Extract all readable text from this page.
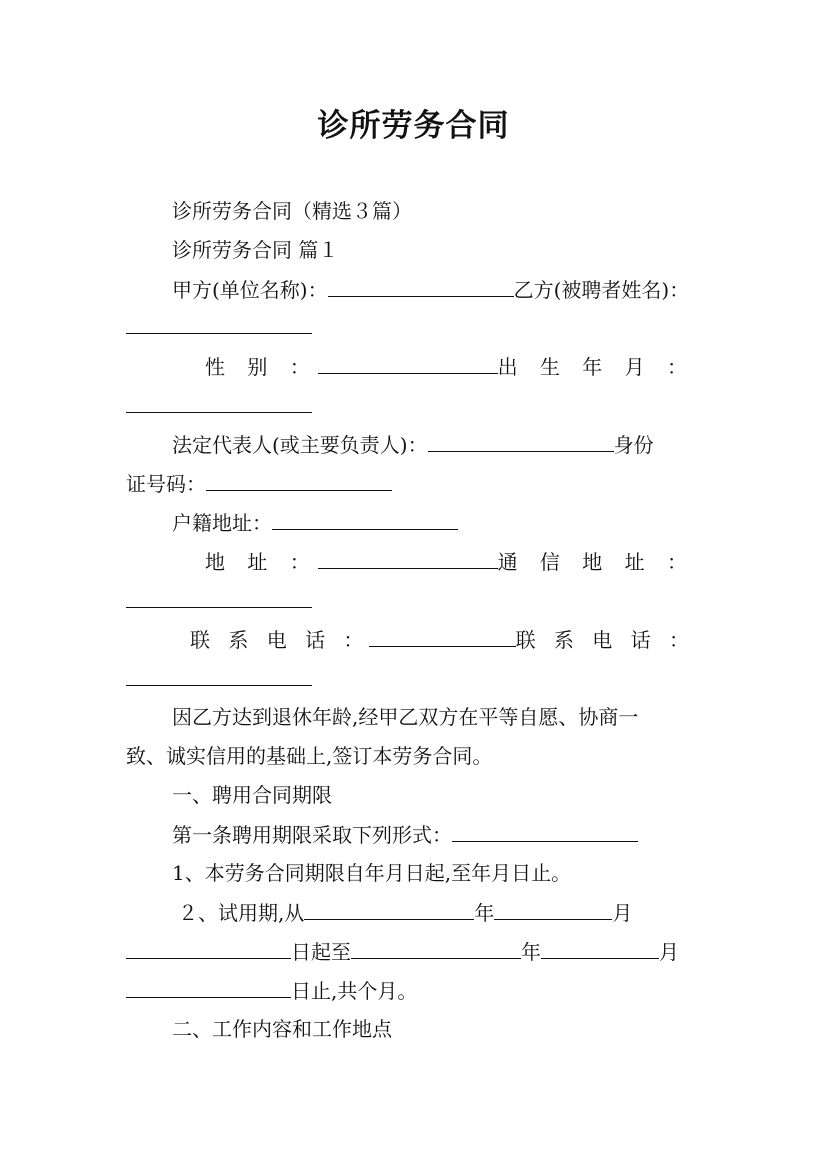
诊所劳务合同
诊所劳务合同（精选３篇）
诊所劳务合同 篇１
甲方(单位名称)：	乙方(被聘者姓名)：
性 别 ：	出 生 年 月 ：
法定代表人(或主要负责人)：	身份
证号码：
户籍地址：
地 址 ：	通 信 地 址 ：
联 系 电 话 ：	联 系 电 话 ：
因乙方达到退休年龄,经甲乙双方在平等自愿、协商一
致、诚实信用的基础上,签订本劳务合同。
一、聘用合同期限
第一条聘用期限采取下列形式：
1、本劳务合同期限自年月日起,至年月日止。
２、试用期,从	年	月
日起至	年	月
日止,共个月。
二、工作内容和工作地点
